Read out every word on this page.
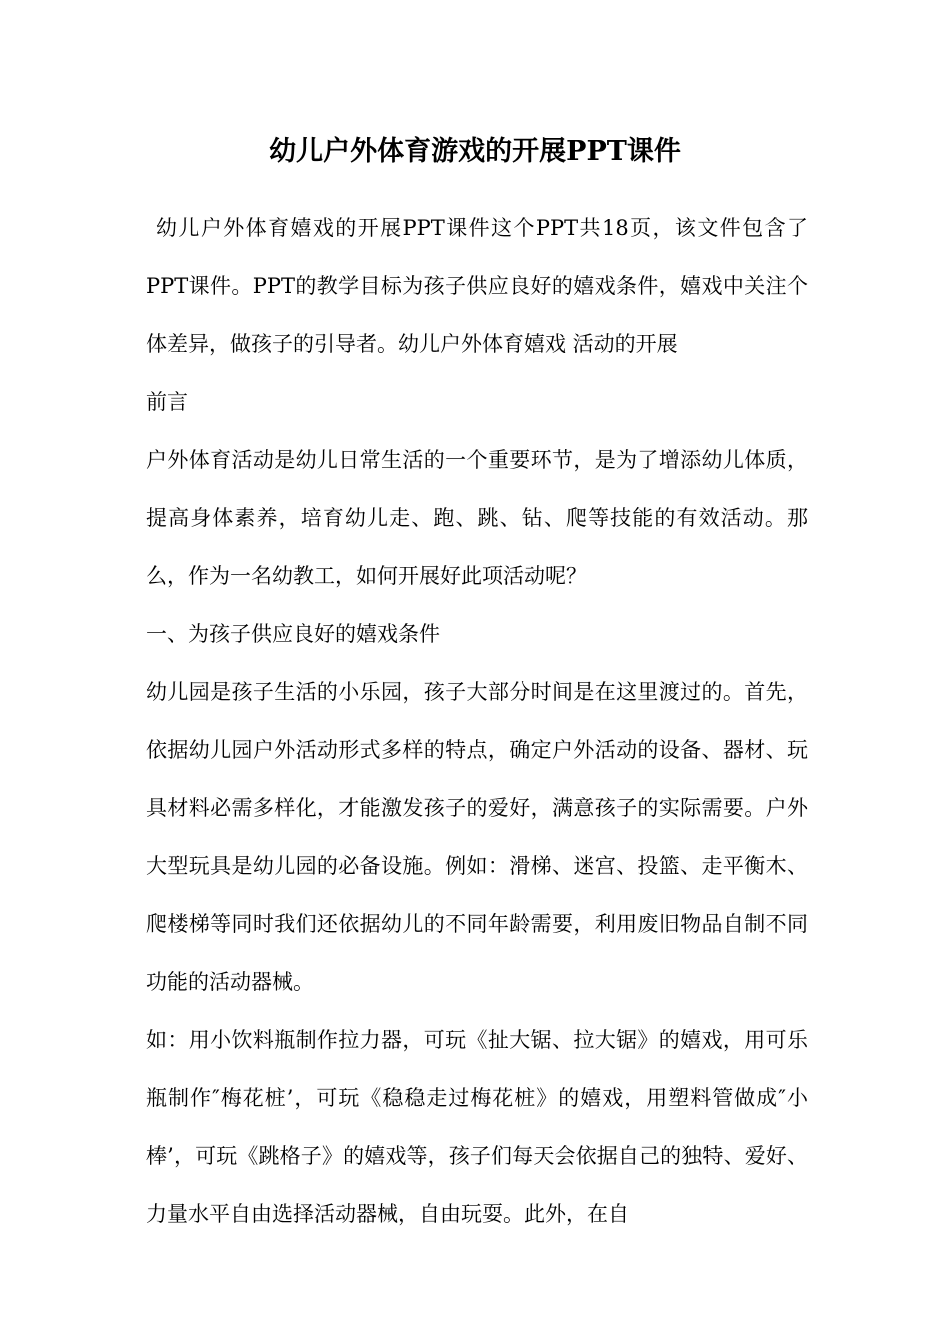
幼儿户外体育游戏的开展PPT课件

幼儿户外体育嬉戏的开展PPT课件这个PPT共18页，该文件包含了PPT课件。PPT的教学目标为孩子供应良好的嬉戏条件，嬉戏中关注个体差异，做孩子的引导者。幼儿户外体育嬉戏 活动的开展

前言

户外体育活动是幼儿日常生活的一个重要环节，是为了增添幼儿体质，提高身体素养，培育幼儿走、跑、跳、钻、爬等技能的有效活动。那么，作为一名幼教工，如何开展好此项活动呢？

一、为孩子供应良好的嬉戏条件

幼儿园是孩子生活的小乐园，孩子大部分时间是在这里渡过的。首先，依据幼儿园户外活动形式多样的特点，确定户外活动的设备、器材、玩具材料必需多样化，才能激发孩子的爱好，满意孩子的实际需要。户外大型玩具是幼儿园的必备设施。例如：滑梯、迷宫、投篮、走平衡木、爬楼梯等同时我们还依据幼儿的不同年龄需要，利用废旧物品自制不同功能的活动器械。

如：用小饮料瓶制作拉力器，可玩《扯大锯、拉大锯》的嬉戏，用可乐瓶制作″梅花桩’，可玩《稳稳走过梅花桩》的嬉戏，用塑料管做成″小棒’，可玩《跳格子》的嬉戏等，孩子们每天会依据自己的独特、爱好、力量水平自由选择活动器械，自由玩耍。此外，在自
